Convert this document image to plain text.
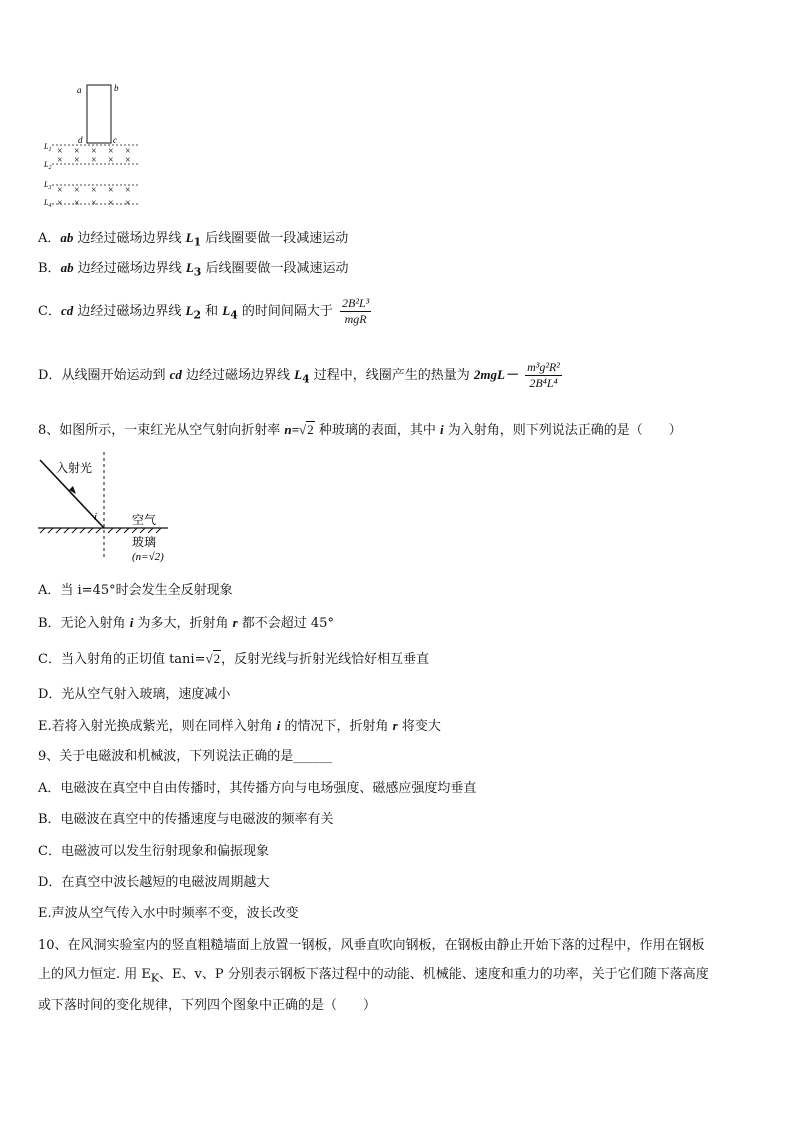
a	b
d	c
$L_1$
$L_2$
× × × × ×
× × × × ×
$L_3$
$L_4$
× × × × ×
× × × × ×
A．ab 边经过磁场边界线 $L_1$ 后线圈要做一段减速运动
B．ab 边经过磁场边界线 $L_3$ 后线圈要做一段减速运动
C．cd 边经过磁场边界线 $L_2$ 和 $L_4$ 的时间间隔大于 $\frac{\text{2B²L³}}{\text{mgR}}$
D．从线圈开始运动到 cd 边经过磁场边界线 $L_4$ 过程中，线圈产生的热量为 $2mgL- \frac{\text{m³g²R²}}{\text{2B⁴L⁴}}$
8、如图所示，一束红光从空气射向折射率 n=√2 种玻璃的表面，其中 i 为入射角，则下列说法正确的是（　　）
入射光
i	空气
玻璃
(n=√2)
A．当 i=45°时会发生全反射现象
B．无论入射角 i 为多大，折射角 r 都不会超过 45°
C．当入射角的正切值 tani=√2，反射光线与折射光线恰好相互垂直
D．光从空气射入玻璃，速度减小
E.若将入射光换成紫光，则在同样入射角 i 的情况下，折射角 r 将变大
9、关于电磁波和机械波，下列说法正确的是______
A．电磁波在真空中自由传播时，其传播方向与电场强度、磁感应强度均垂直
B．电磁波在真空中的传播速度与电磁波的频率有关
C．电磁波可以发生衍射现象和偏振现象
D．在真空中波长越短的电磁波周期越大
E.声波从空气传入水中时频率不变，波长改变
10、在风洞实验室内的竖直粗糙墙面上放置一钢板，风垂直吹向钢板，在钢板由静止开始下落的过程中，作用在钢板
上的风力恒定. 用 $E_K$、E、v、P 分别表示钢板下落过程中的动能、机械能、速度和重力的功率，关于它们随下落高度
或下落时间的变化规律，下列四个图象中正确的是（　　）
